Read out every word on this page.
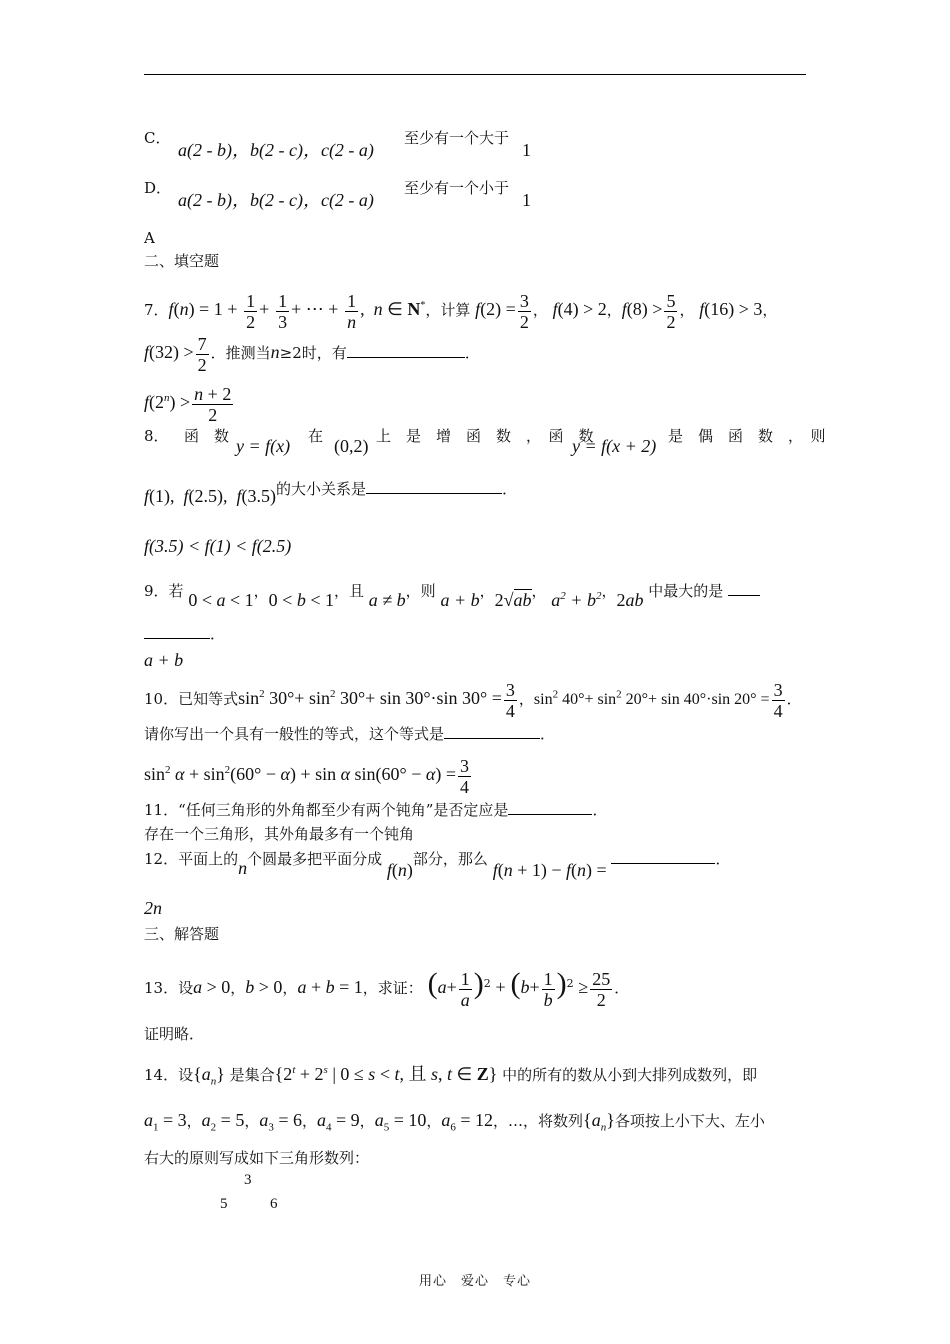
C．
a(2 - b)，b(2 - c)，c(2 - a)
至少有一个大于
1
D．
a(2 - b)，b(2 - c)，c(2 - a)
至少有一个小于
1
A
二、填空题
7．$f(n) = 1 + \frac{1}{2} + \frac{1}{3}$ + ⋯ + $\frac{1}{n}$ ,  n ∈ N*，计算 $f(2) = \frac{3}{2}$ ， f(4) > 2，$f(8) > \frac{5}{2}$ ， f(16) > 3，
$f(32) > \frac{7}{2}$ ．推测当n≥2时，有	．
$f(2^n) > \frac{n + 2}{2}$
8． 函　数 y = f(x) 在 (0,2) 上　是　增　函　数　，　函　数
y = f(x + 2) 是　偶　函　数　，　则
f(1),  f(2.5),  f(3.5)的大小关系是	．
f(3.5) < f(1) < f(2.5)
9．若 0 < a < 1，0 < b < 1，且 a ≠ b，则 a + b，2√ab， $a^2 + b^2$，2ab 中最大的是
．
a + b
10．已知等式$\sin^2 30^\circ+ \sin^2 30^\circ+ \sin 30^\circ\cdot\sin$ $30^\circ = \frac{3}{4}$ ，$\sin^2 40^\circ+ \sin^2 20^\circ+ \sin 40^\circ\cdot\sin$ $20^\circ = \frac{3}{4}$ ．
请你写出一个具有一般性的等式，这个等式是	．
$\sin^2 \alpha + \sin^2(60^\circ - \alpha) + \sin \alpha$ $\sin(60^\circ - \alpha) = \frac{3}{4}$
11．“任何三角形的外角都至少有两个钝角”是否定应是	．
存在一个三角形，其外角最多有一个钝角
12．平面上的n个圆最多把平面分成 f(n)部分，那么 f(n + 1) − f(n) = ．
2n
三、解答题
13．设a > 0，b > 0，a + b = 1，求证： $(a+ \frac{1}{a} )^2 + (b+ \frac{1}{b} )^2 \ge \frac{25}{2}$ ．
证明略．
14．设$\{a_n\}$ 是集合{$2^t + 2^s$ | 0 ≤ s < t, 且 s, t ∈ Z} 中的所有的数从小到大排列成数列，即
$a_1 = 3$，$a_2 = 5$，$a_3 = 6$，$a_4 = 9$，$a_5 = 10$，$a_6 = 12$，…，将数列$\{a_n\}$各项按上小下大、左小
右大的原则写成如下三角形数列：
3
5	6
用心　爱心　专心
